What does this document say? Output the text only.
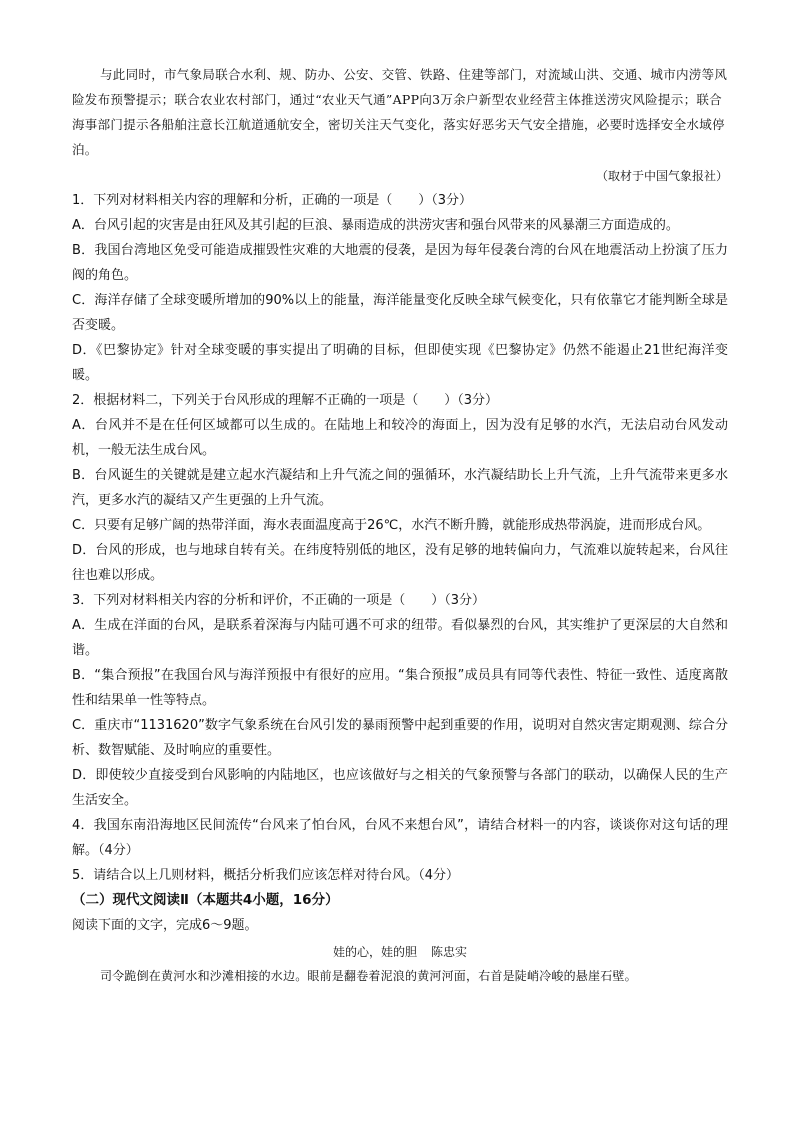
与此同时，市气象局联合水利、规、防办、公安、交管、铁路、住建等部门，对流域山洪、交通、城市内涝等风险发布预警提示；联合农业农村部门，通过“农业天气通”APP向3万余户新型农业经营主体推送涝灾风险提示；联合海事部门提示各船舶注意长江航道通航安全，密切关注天气变化，落实好恶劣天气安全措施，必要时选择安全水域停泊。

（取材于中国气象报社）

1．下列对材料相关内容的理解和分析，正确的一项是（　　）（3分）

A．台风引起的灾害是由狂风及其引起的巨浪、暴雨造成的洪涝灾害和强台风带来的风暴潮三方面造成的。

B．我国台湾地区免受可能造成摧毁性灾难的大地震的侵袭，是因为每年侵袭台湾的台风在地震活动上扮演了压力阀的角色。

C．海洋存储了全球变暖所增加的90%以上的能量，海洋能量变化反映全球气候变化，只有依靠它才能判断全球是否变暖。

D．《巴黎协定》针对全球变暖的事实提出了明确的目标，但即使实现《巴黎协定》仍然不能遏止21世纪海洋变暖。

2．根据材料二，下列关于台风形成的理解不正确的一项是（　　）（3分）

A．台风并不是在任何区域都可以生成的。在陆地上和较冷的海面上，因为没有足够的水汽，无法启动台风发动机，一般无法生成台风。

B．台风诞生的关键就是建立起水汽凝结和上升气流之间的强循环，水汽凝结助长上升气流，上升气流带来更多水汽，更多水汽的凝结又产生更强的上升气流。

C．只要有足够广阔的热带洋面，海水表面温度高于26℃，水汽不断升腾，就能形成热带涡旋，进而形成台风。

D．台风的形成，也与地球自转有关。在纬度特别低的地区，没有足够的地转偏向力，气流难以旋转起来，台风往往也难以形成。

3．下列对材料相关内容的分析和评价，不正确的一项是（　　）（3分）

A．生成在洋面的台风，是联系着深海与内陆可遇不可求的纽带。看似暴烈的台风，其实维护了更深层的大自然和谐。

B．“集合预报”在我国台风与海洋预报中有很好的应用。“集合预报”成员具有同等代表性、特征一致性、适度离散性和结果单一性等特点。

C．重庆市“1131620”数字气象系统在台风引发的暴雨预警中起到重要的作用，说明对自然灾害定期观测、综合分析、数智赋能、及时响应的重要性。

D．即使较少直接受到台风影响的内陆地区，也应该做好与之相关的气象预警与各部门的联动，以确保人民的生产生活安全。

4．我国东南沿海地区民间流传“台风来了怕台风，台风不来想台风”，请结合材料一的内容，谈谈你对这句话的理解。（4分）

5．请结合以上几则材料，概括分析我们应该怎样对待台风。（4分）

（二）现代文阅读Ⅱ（本题共4小题，16分）

阅读下面的文字，完成6～9题。

娃的心，娃的胆 陈忠实

司令跪倒在黄河水和沙滩相接的水边。眼前是翻卷着泥浪的黄河河面，右首是陡峭冷峻的悬崖石壁。
